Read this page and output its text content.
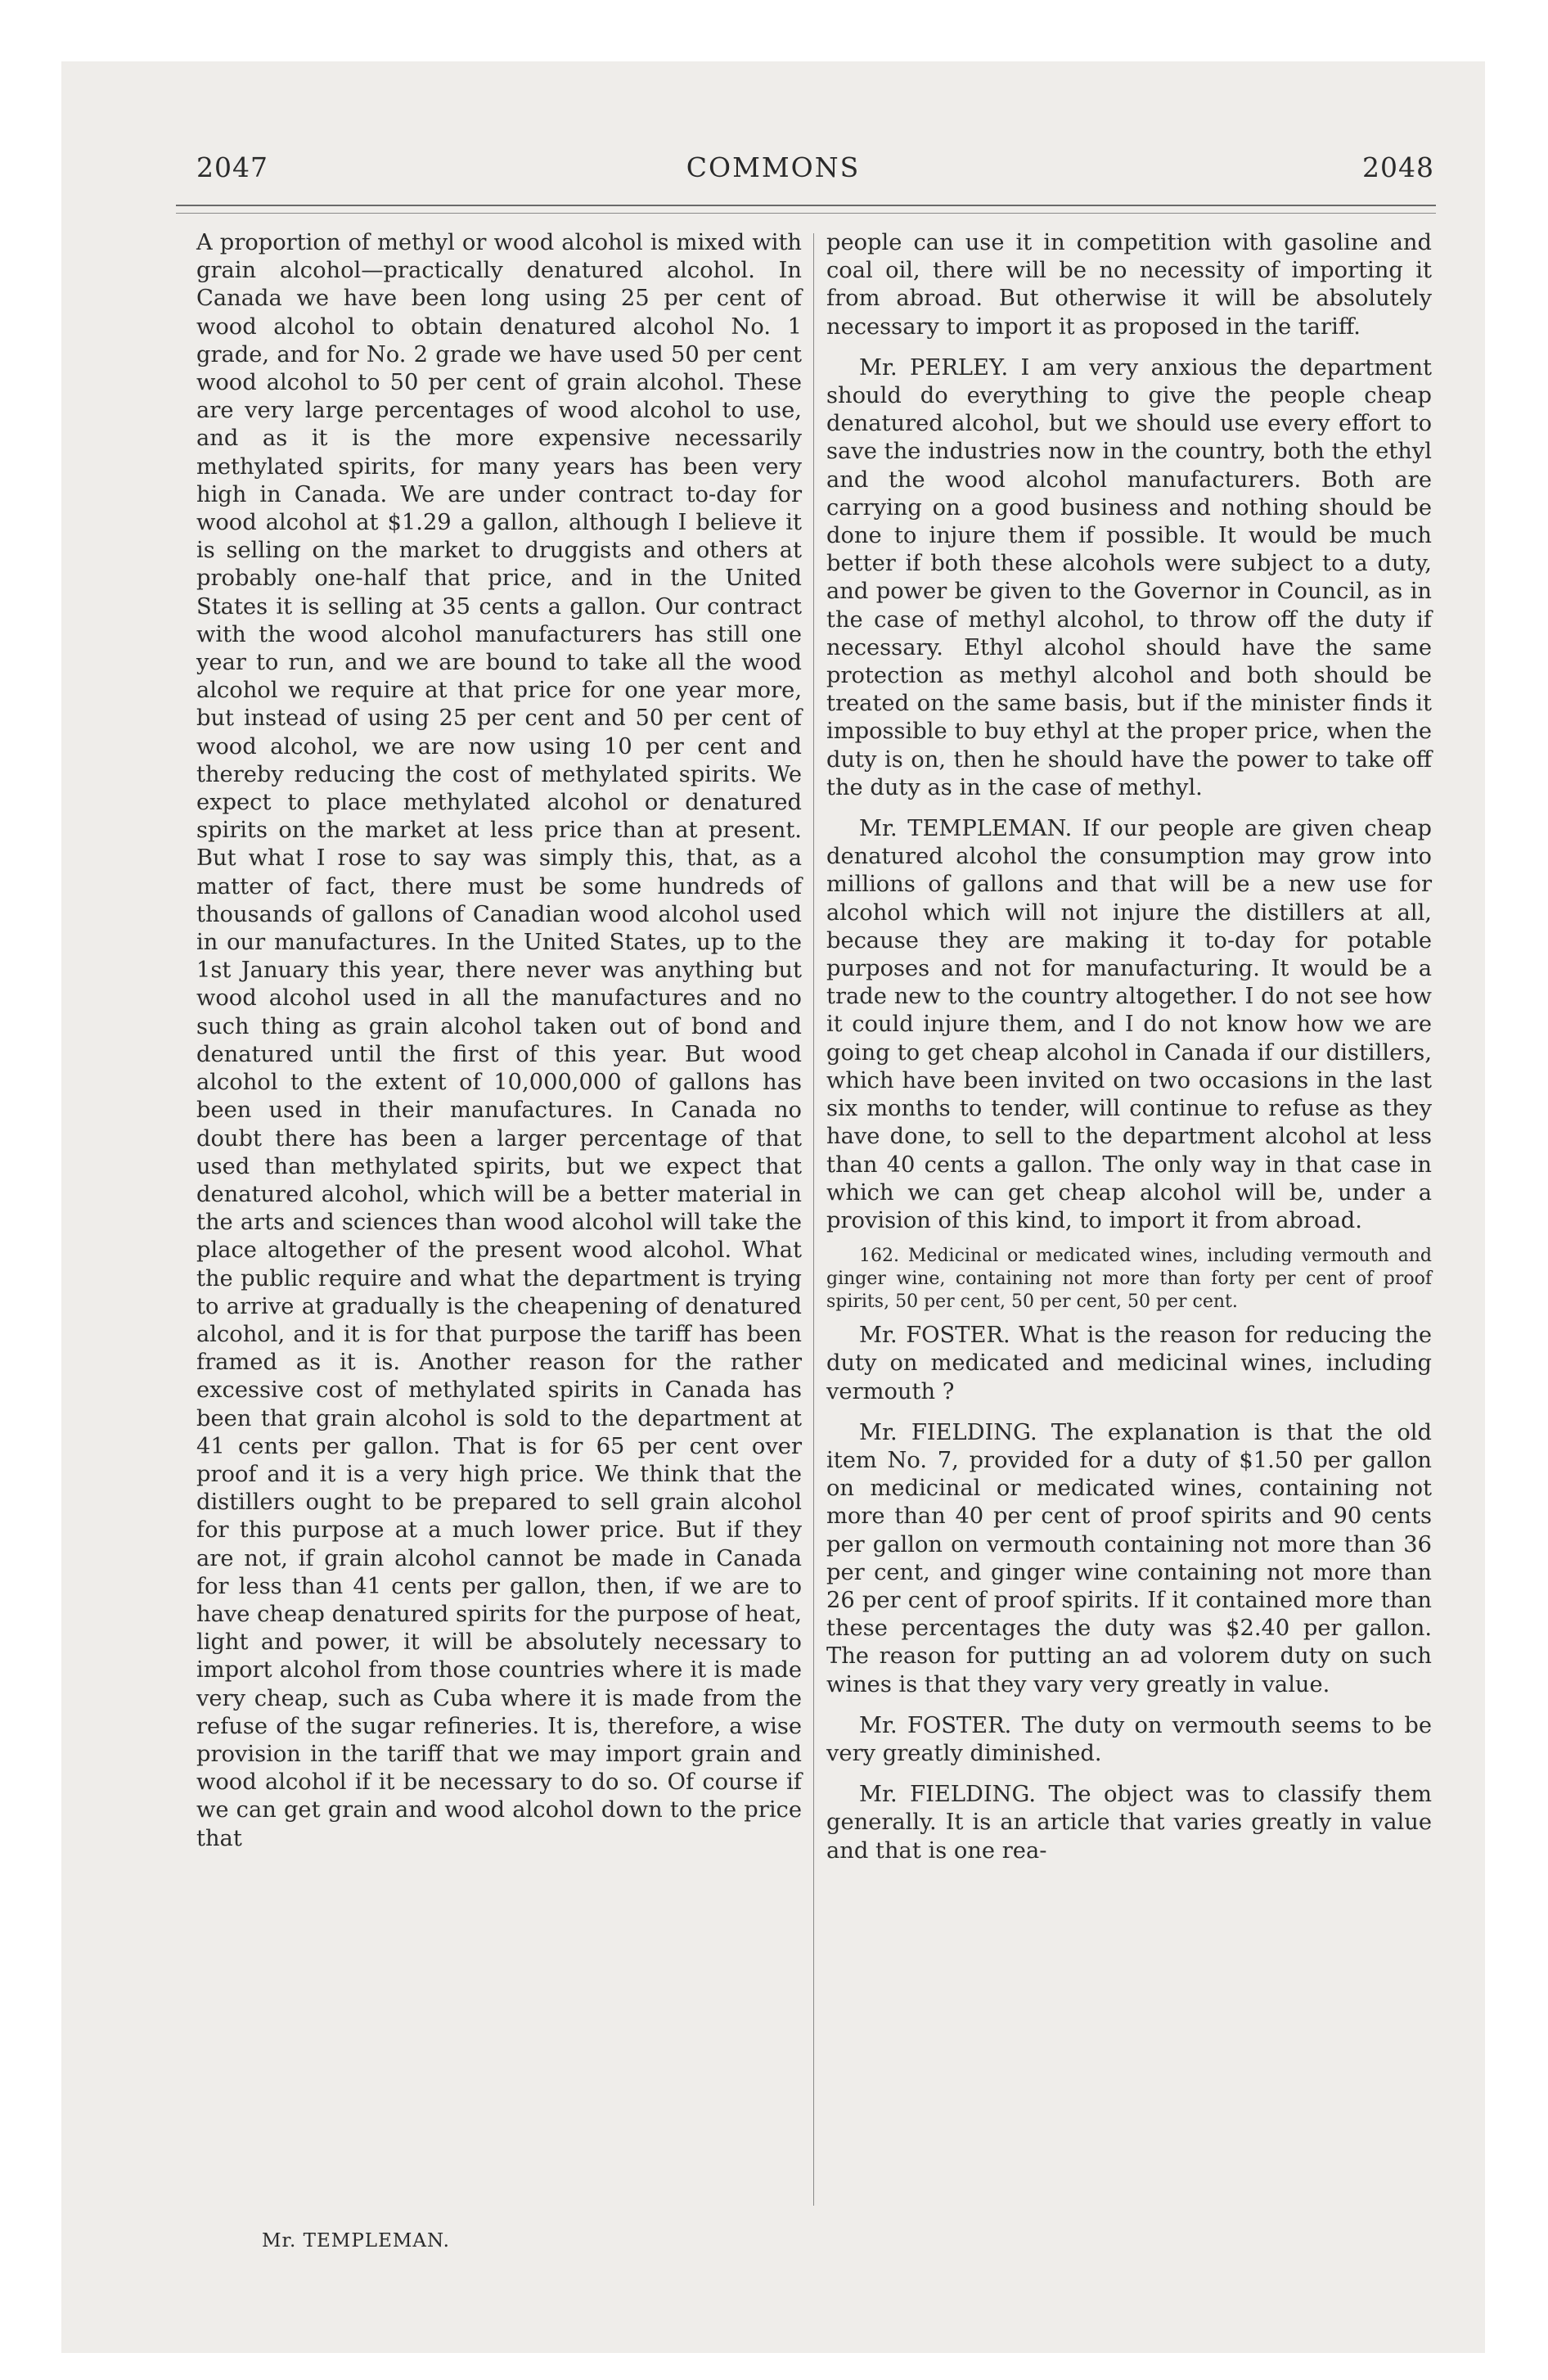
2047	COMMONS	2048

A proportion of methyl or wood alcohol is mixed with grain alcohol—practically denatured alcohol. In Canada we have been long using 25 per cent of wood alcohol to obtain denatured alcohol No. 1 grade, and for No. 2 grade we have used 50 per cent wood alcohol to 50 per cent of grain alcohol. These are very large percentages of wood alcohol to use, and as it is the more expensive necessarily methylated spirits, for many years has been very high in Canada. We are under contract to-day for wood alcohol at $1.29 a gallon, although I believe it is selling on the market to druggists and others at probably one-half that price, and in the United States it is selling at 35 cents a gallon. Our contract with the wood alcohol manufacturers has still one year to run, and we are bound to take all the wood alcohol we require at that price for one year more, but instead of using 25 per cent and 50 per cent of wood alcohol, we are now using 10 per cent and thereby reducing the cost of methylated spirits. We expect to place methylated alcohol or denatured spirits on the market at less price than at present. But what I rose to say was simply this, that, as a matter of fact, there must be some hundreds of thousands of gallons of Canadian wood alcohol used in our manufactures. In the United States, up to the 1st January this year, there never was anything but wood alcohol used in all the manufactures and no such thing as grain alcohol taken out of bond and denatured until the first of this year. But wood alcohol to the extent of 10,000,000 of gallons has been used in their manufactures. In Canada no doubt there has been a larger percentage of that used than methylated spirits, but we expect that denatured alcohol, which will be a better material in the arts and sciences than wood alcohol will take the place altogether of the present wood alcohol. What the public require and what the department is trying to arrive at gradually is the cheapening of denatured alcohol, and it is for that purpose the tariff has been framed as it is. Another reason for the rather excessive cost of methylated spirits in Canada has been that grain alcohol is sold to the department at 41 cents per gallon. That is for 65 per cent over proof and it is a very high price. We think that the distillers ought to be prepared to sell grain alcohol for this purpose at a much lower price. But if they are not, if grain alcohol cannot be made in Canada for less than 41 cents per gallon, then, if we are to have cheap denatured spirits for the purpose of heat, light and power, it will be absolutely necessary to import alcohol from those countries where it is made very cheap, such as Cuba where it is made from the refuse of the sugar refineries. It is, therefore, a wise provision in the tariff that we may import grain and wood alcohol if it be necessary to do so. Of course if we can get grain and wood alcohol down to the price that

people can use it in competition with gasoline and coal oil, there will be no necessity of importing it from abroad. But otherwise it will be absolutely necessary to import it as proposed in the tariff.

Mr. PERLEY. I am very anxious the department should do everything to give the people cheap denatured alcohol, but we should use every effort to save the industries now in the country, both the ethyl and the wood alcohol manufacturers. Both are carrying on a good business and nothing should be done to injure them if possible. It would be much better if both these alcohols were subject to a duty, and power be given to the Governor in Council, as in the case of methyl alcohol, to throw off the duty if necessary. Ethyl alcohol should have the same protection as methyl alcohol and both should be treated on the same basis, but if the minister finds it impossible to buy ethyl at the proper price, when the duty is on, then he should have the power to take off the duty as in the case of methyl.

Mr. TEMPLEMAN. If our people are given cheap denatured alcohol the consumption may grow into millions of gallons and that will be a new use for alcohol which will not injure the distillers at all, because they are making it to-day for potable purposes and not for manufacturing. It would be a trade new to the country altogether. I do not see how it could injure them, and I do not know how we are going to get cheap alcohol in Canada if our distillers, which have been invited on two occasions in the last six months to tender, will continue to refuse as they have done, to sell to the department alcohol at less than 40 cents a gallon. The only way in that case in which we can get cheap alcohol will be, under a provision of this kind, to import it from abroad.

162. Medicinal or medicated wines, including vermouth and ginger wine, containing not more than forty per cent of proof spirits, 50 per cent, 50 per cent, 50 per cent.

Mr. FOSTER. What is the reason for reducing the duty on medicated and medicinal wines, including vermouth ?

Mr. FIELDING. The explanation is that the old item No. 7, provided for a duty of $1.50 per gallon on medicinal or medicated wines, containing not more than 40 per cent of proof spirits and 90 cents per gallon on vermouth containing not more than 36 per cent, and ginger wine containing not more than 26 per cent of proof spirits. If it contained more than these percentages the duty was $2.40 per gallon. The reason for putting an ad volorem duty on such wines is that they vary very greatly in value.

Mr. FOSTER. The duty on vermouth seems to be very greatly diminished.

Mr. FIELDING. The object was to classify them generally. It is an article that varies greatly in value and that is one rea-

Mr. TEMPLEMAN.
